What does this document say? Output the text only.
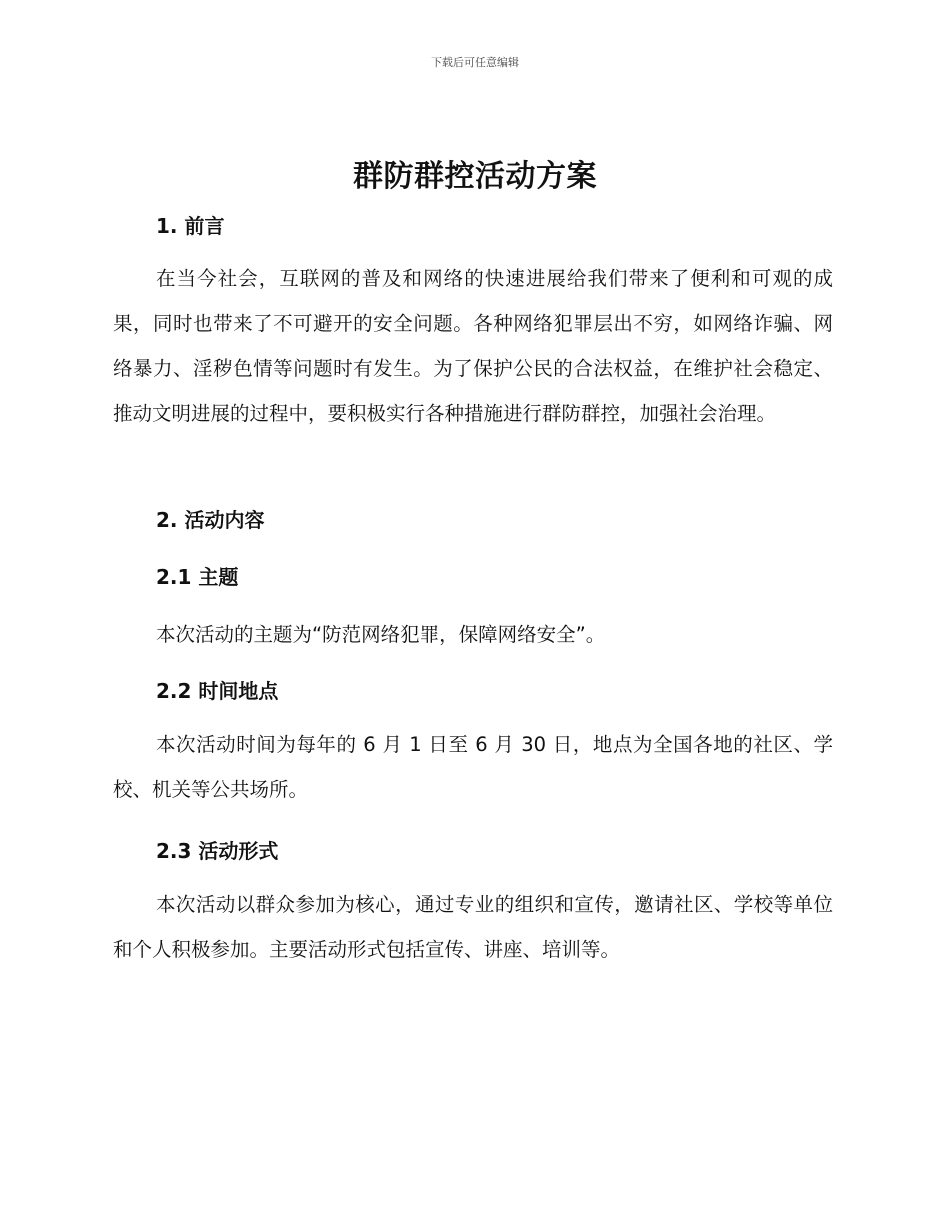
下载后可任意编辑
群防群控活动方案
1. 前言

在当今社会，互联网的普及和网络的快速进展给我们带来了便利和可观的成果，同时也带来了不可避开的安全问题。各种网络犯罪层出不穷，如网络诈骗、网络暴力、淫秽色情等问题时有发生。为了保护公民的合法权益，在维护社会稳定、推动文明进展的过程中，要积极实行各种措施进行群防群控，加强社会治理。

2. 活动内容
2.1 主题

本次活动的主题为“防范网络犯罪，保障网络安全”。

2.2 时间地点

本次活动时间为每年的 6 月 1 日至 6 月 30 日，地点为全国各地的社区、学校、机关等公共场所。

2.3 活动形式

本次活动以群众参加为核心，通过专业的组织和宣传，邀请社区、学校等单位和个人积极参加。主要活动形式包括宣传、讲座、培训等。
